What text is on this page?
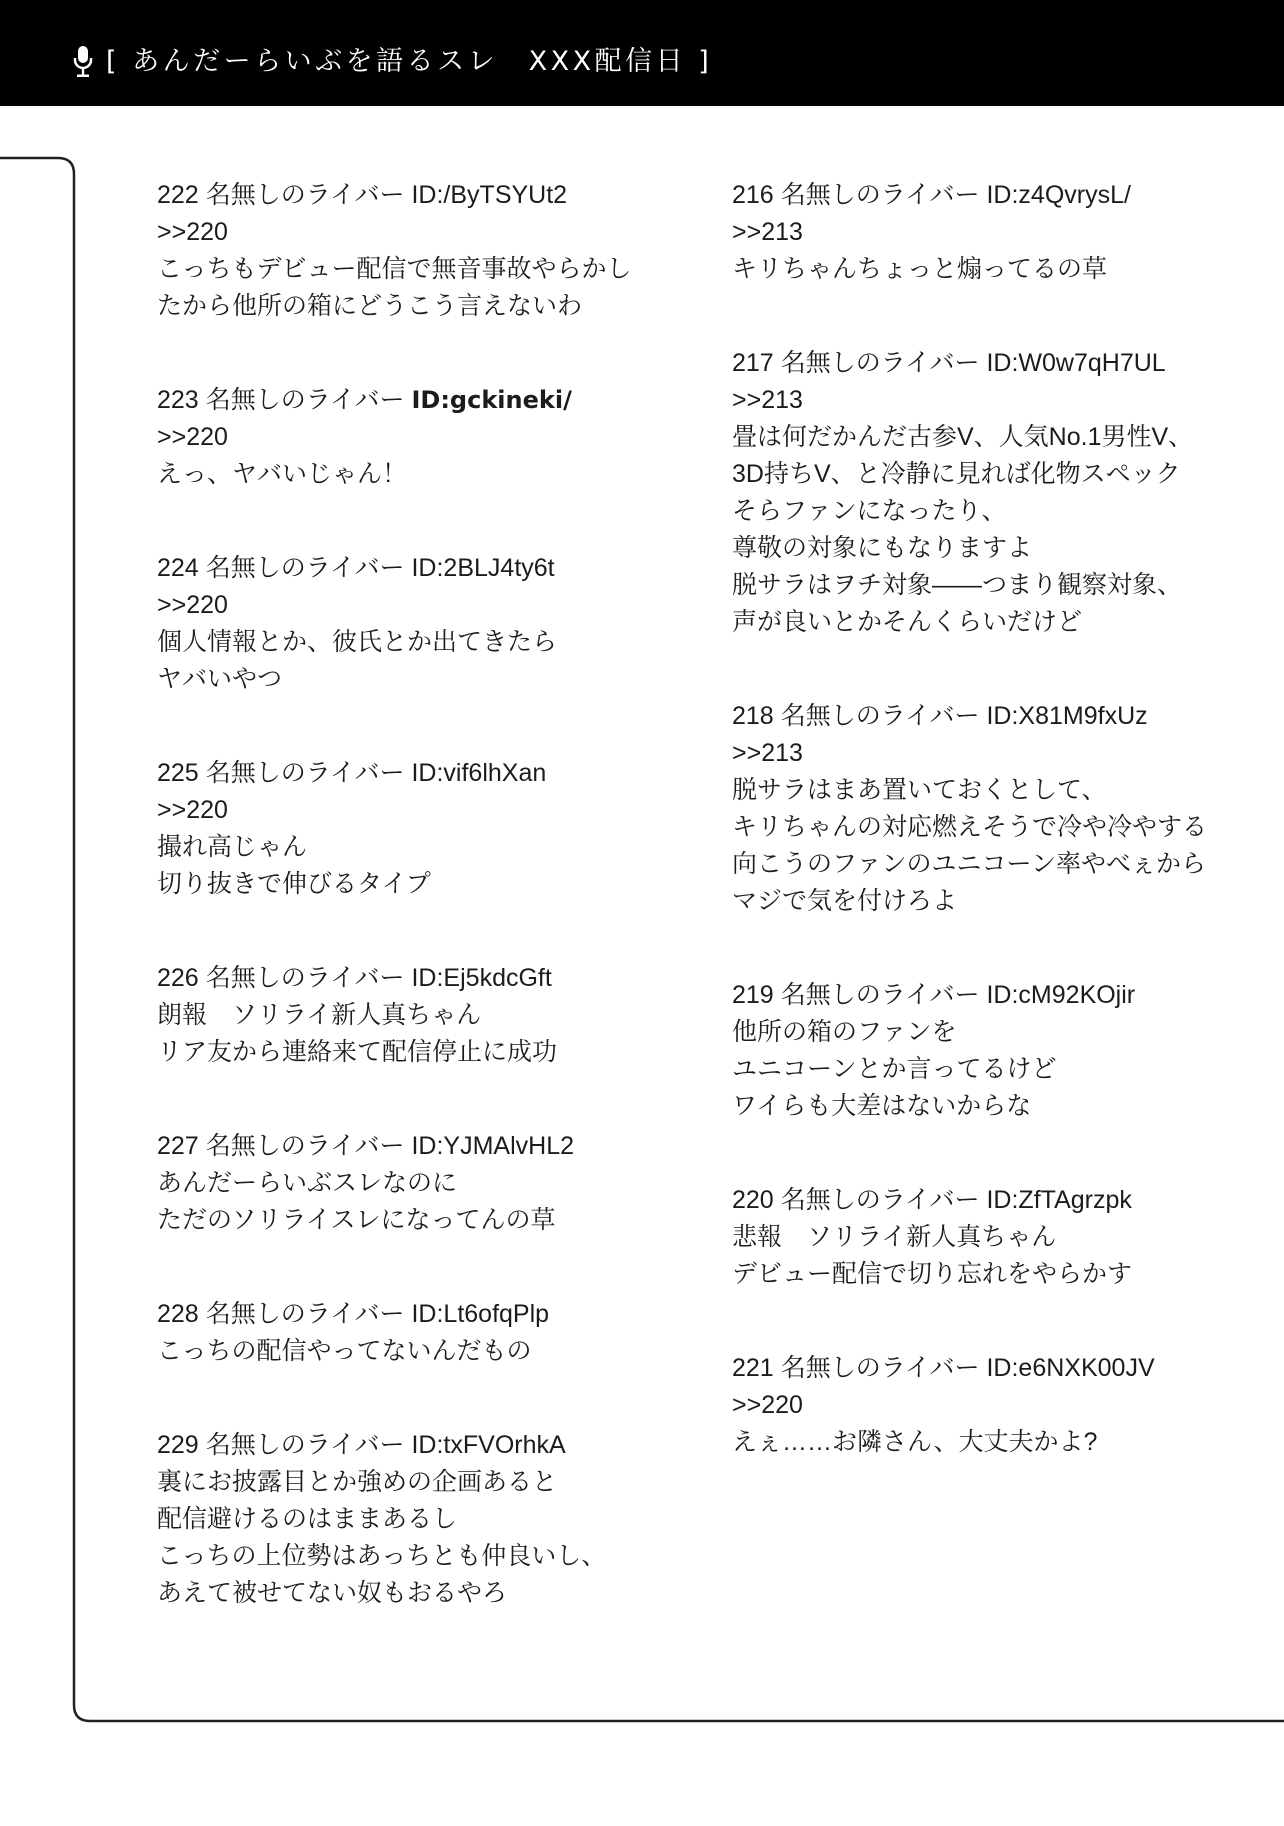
[ あんだーらいぶを語るスレ　XXX配信日 ]
222 名無しのライバー ID:/ByTSYUt2
>>220
こっちもデビュー配信で無音事故やらかし
たから他所の箱にどうこう言えないわ
223 名無しのライバー ID:gckineki/
>>220
えっ、ヤバいじゃん！
224 名無しのライバー ID:2BLJ4ty6t
>>220
個人情報とか、彼氏とか出てきたら
ヤバいやつ
225 名無しのライバー ID:vif6lhXan
>>220
撮れ高じゃん
切り抜きで伸びるタイプ
226 名無しのライバー ID:Ej5kdcGft
朗報　ソリライ新人真ちゃん
リア友から連絡来て配信停止に成功
227 名無しのライバー ID:YJMAlvHL2
あんだーらいぶスレなのに
ただのソリライスレになってんの草
228 名無しのライバー ID:Lt6ofqPlp
こっちの配信やってないんだもの
229 名無しのライバー ID:txFVOrhkA
裏にお披露目とか強めの企画あると
配信避けるのはままあるし
こっちの上位勢はあっちとも仲良いし、
あえて被せてない奴もおるやろ
216 名無しのライバー ID:z4QvrysL/
>>213
キリちゃんちょっと煽ってるの草
217 名無しのライバー ID:W0w7qH7UL
>>213
畳は何だかんだ古参V、人気No.1男性V、
3D持ちV、と冷静に見れば化物スペック
そらファンになったり、
尊敬の対象にもなりますよ
脱サラはヲチ対象――つまり観察対象、
声が良いとかそんくらいだけど
218 名無しのライバー ID:X81M9fxUz
>>213
脱サラはまあ置いておくとして、
キリちゃんの対応燃えそうで冷や冷やする
向こうのファンのユニコーン率やべぇから
マジで気を付けろよ
219 名無しのライバー ID:cM92KOjir
他所の箱のファンを
ユニコーンとか言ってるけど
ワイらも大差はないからな
220 名無しのライバー ID:ZfTAgrzpk
悲報　ソリライ新人真ちゃん
デビュー配信で切り忘れをやらかす
221 名無しのライバー ID:e6NXK00JV
>>220
えぇ……お隣さん、大丈夫かよ?
